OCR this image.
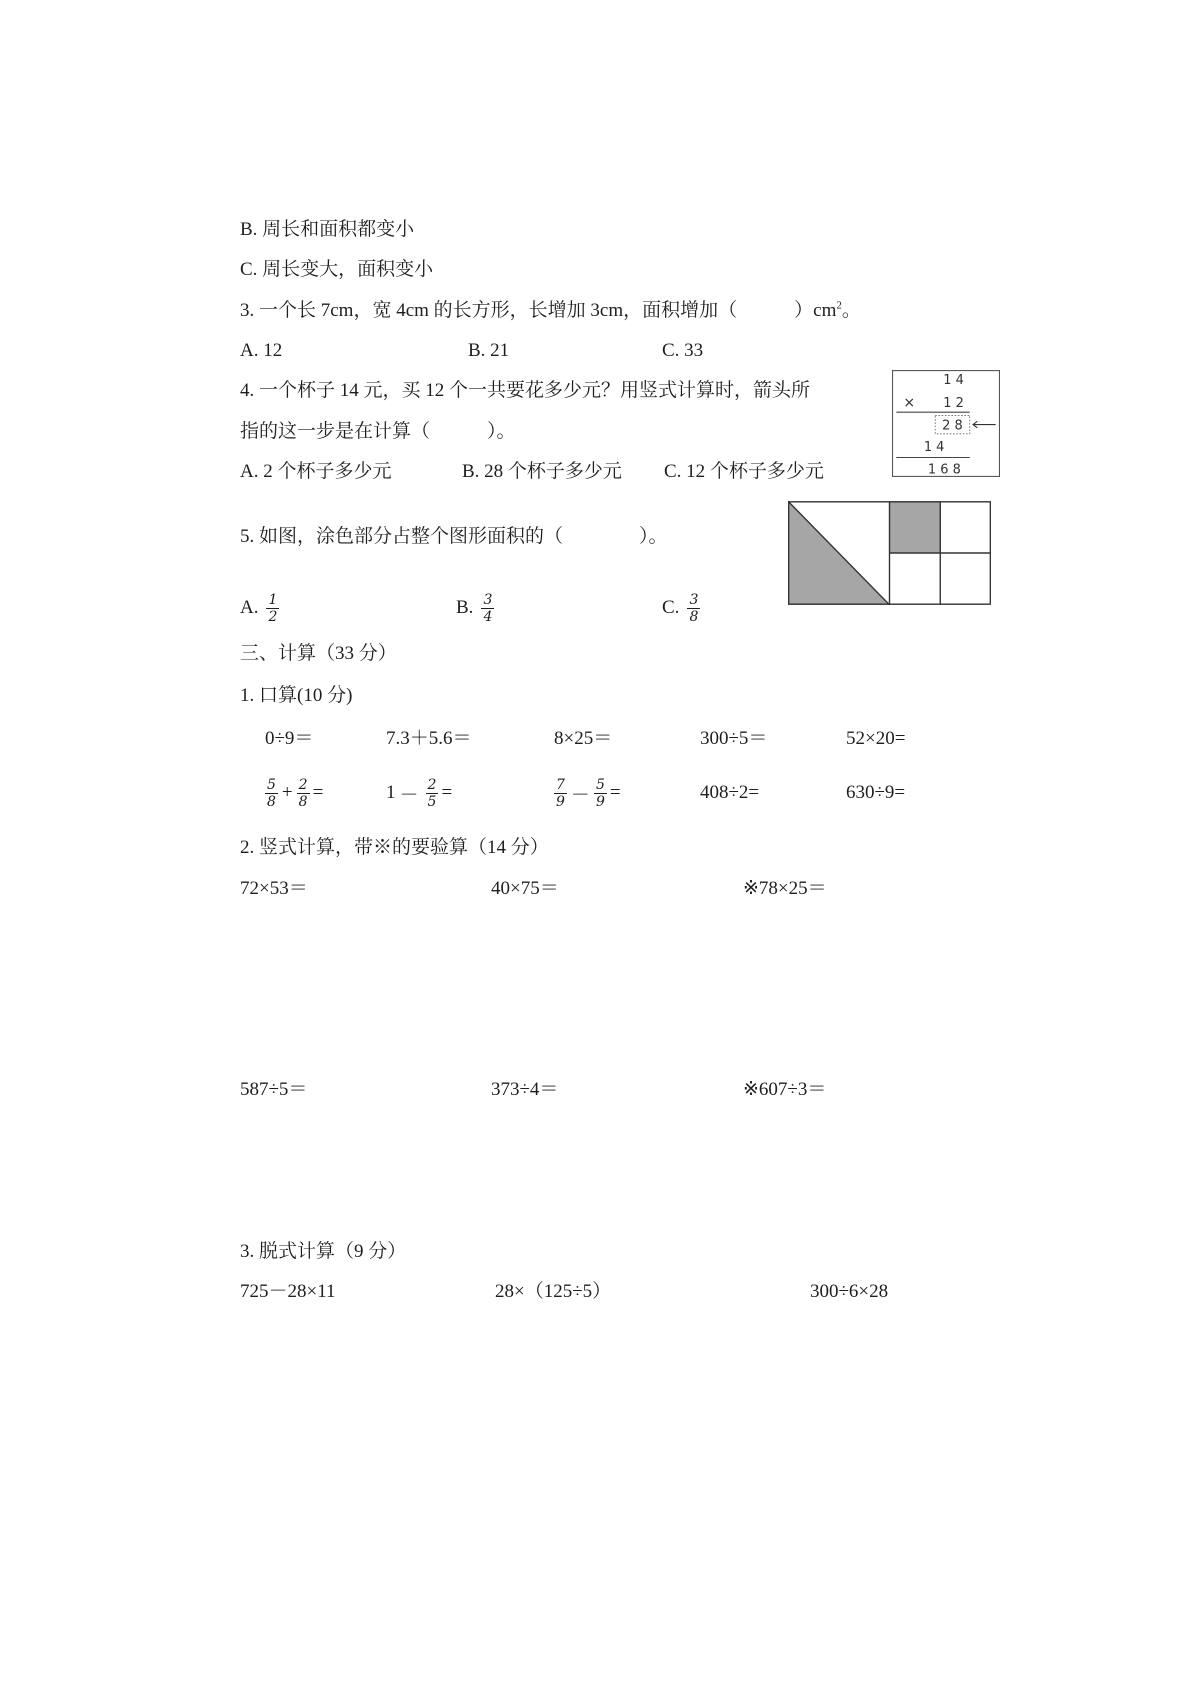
B. 周长和面积都变小
C. 周长变大，面积变小
3. 一个长 7cm，宽 4cm 的长方形，长增加 3cm，面积增加（　　　）$cm^2$。
A. 12	B. 21	C. 33
4. 一个杯子 14 元，买 12 个一共要花多少元？用竖式计算时，箭头所
指的这一步是在计算（　　　）。
A. 2 个杯子多少元	B. 28 个杯子多少元 C. 12 个杯子多少元
1 4
× 1 2
2 8
1 4
1 6 8
5. 如图，涂色部分占整个图形面积的（　　　　）。
A. $\frac{1}{2}$	B. $\frac{3}{4}$	C. $\frac{3}{8}$
三、计算（33 分）
1. 口算(10 分)
0÷9＝	7.3＋5.6＝	8×25＝	300÷5＝	52×20=
$\frac{5}{8} + \frac{2}{8}$ =	$1 - \frac{2}{5}$ =	$\frac{7}{9} - \frac{5}{9}$ =	408÷2=	630÷9=
2. 竖式计算，带※的要验算（14 分）
72×53＝	40×75＝	※78×25＝
587÷5＝	373÷4＝	※607÷3＝
3. 脱式计算（9 分）
725－28×11	28×（125÷5）	300÷6×28
